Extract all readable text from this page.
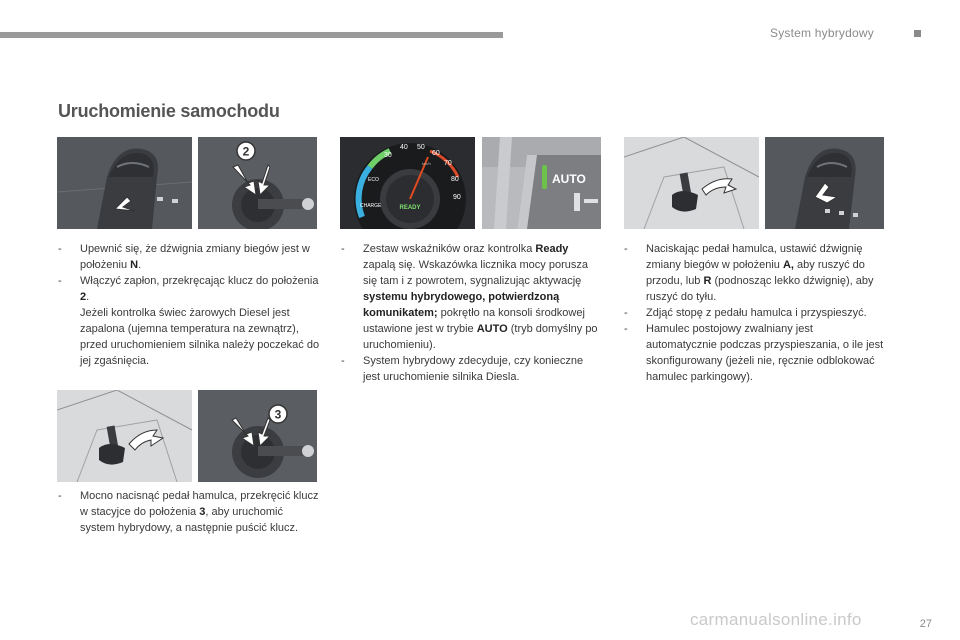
System hybrydowy
Uruchomienie samochodu
2	30
40 50
60
70
80
90
ECO
CHARGE
km/h
READY
AUTO
3
- Upewnić się, że dźwignia zmiany biegów jest w położeniu N.
- Włączyć zapłon, przekręcając klucz do położenia 2.

Jeżeli kontrolka świec żarowych Diesel jest zapalona (ujemna temperatura na zewnątrz), przed uruchomieniem silnika należy poczekać do jej zgaśnięcia.

- Mocno nacisnąć pedał hamulca, przekręcić klucz w stacyjce do położenia 3, aby uruchomić system hybrydowy, a następnie puścić klucz.
- Zestaw wskaźników oraz kontrolka Ready zapalą się. Wskazówka licznika mocy porusza się tam i z powrotem, sygnalizując aktywację systemu hybrydowego, potwierdzoną komunikatem; pokrętło na konsoli środkowej ustawione jest w trybie AUTO (tryb domyślny po uruchomieniu).
- System hybrydowy zdecyduje, czy konieczne jest uruchomienie silnika Diesla.
- Naciskając pedał hamulca, ustawić dźwignię zmiany biegów w położeniu A, aby ruszyć do przodu, lub R (podnosząc lekko dźwignię), aby ruszyć do tyłu.
- Zdjąć stopę z pedału hamulca i przyspieszyć.
- Hamulec postojowy zwalniany jest automatycznie podczas przyspieszania, o ile jest skonfigurowany (jeżeli nie, ręcznie odblokować hamulec parkingowy).
27
carmanualsonline.info
